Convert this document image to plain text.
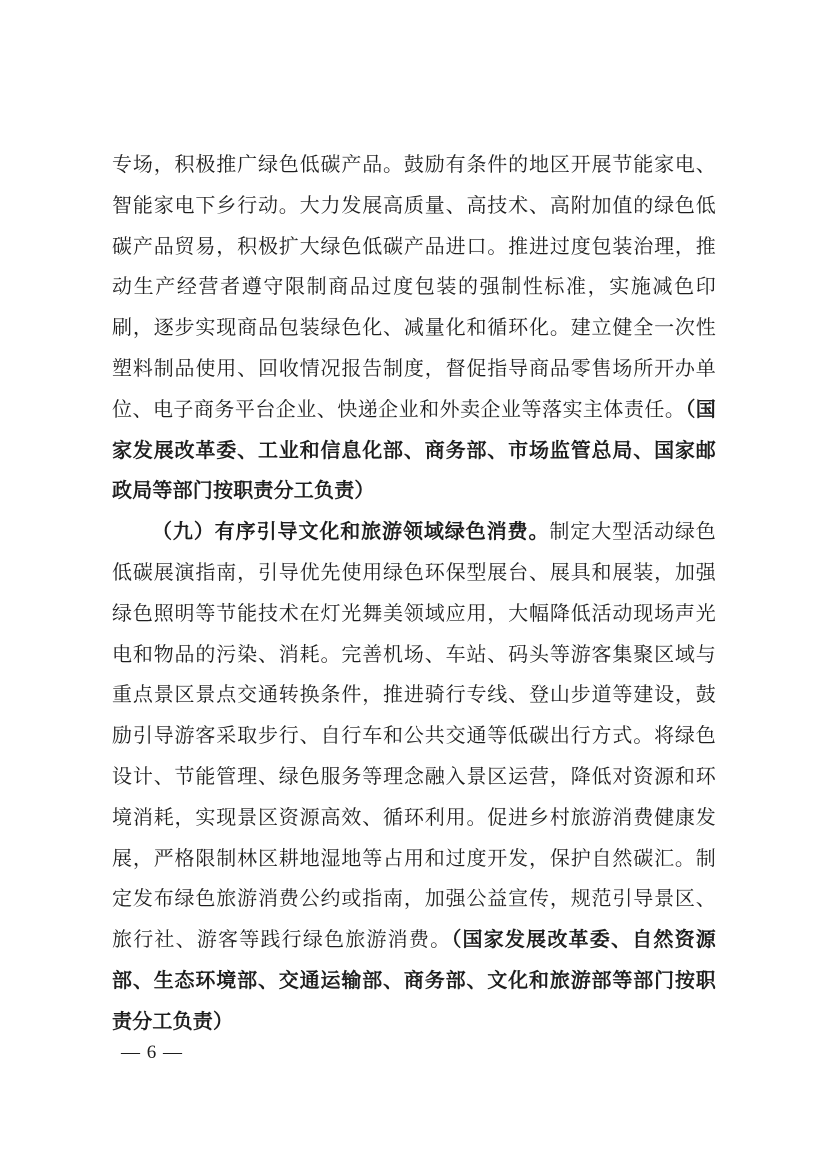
专场，积极推广绿色低碳产品。鼓励有条件的地区开展节能家电、
智能家电下乡行动。大力发展高质量、高技术、高附加值的绿色低
碳产品贸易，积极扩大绿色低碳产品进口。推进过度包装治理，推
动生产经营者遵守限制商品过度包装的强制性标准，实施减色印
刷，逐步实现商品包装绿色化、减量化和循环化。建立健全一次性
塑料制品使用、回收情况报告制度，督促指导商品零售场所开办单
位、电子商务平台企业、快递企业和外卖企业等落实主体责任。（国
家发展改革委、工业和信息化部、商务部、市场监管总局、国家邮
政局等部门按职责分工负责）
（九）有序引导文化和旅游领域绿色消费。制定大型活动绿色
低碳展演指南，引导优先使用绿色环保型展台、展具和展装，加强
绿色照明等节能技术在灯光舞美领域应用，大幅降低活动现场声光
电和物品的污染、消耗。完善机场、车站、码头等游客集聚区域与
重点景区景点交通转换条件，推进骑行专线、登山步道等建设，鼓
励引导游客采取步行、自行车和公共交通等低碳出行方式。将绿色
设计、节能管理、绿色服务等理念融入景区运营，降低对资源和环
境消耗，实现景区资源高效、循环利用。促进乡村旅游消费健康发
展，严格限制林区耕地湿地等占用和过度开发，保护自然碳汇。制
定发布绿色旅游消费公约或指南，加强公益宣传，规范引导景区、
旅行社、游客等践行绿色旅游消费。（国家发展改革委、自然资源
部、生态环境部、交通运输部、商务部、文化和旅游部等部门按职
责分工负责）
— 6 —
